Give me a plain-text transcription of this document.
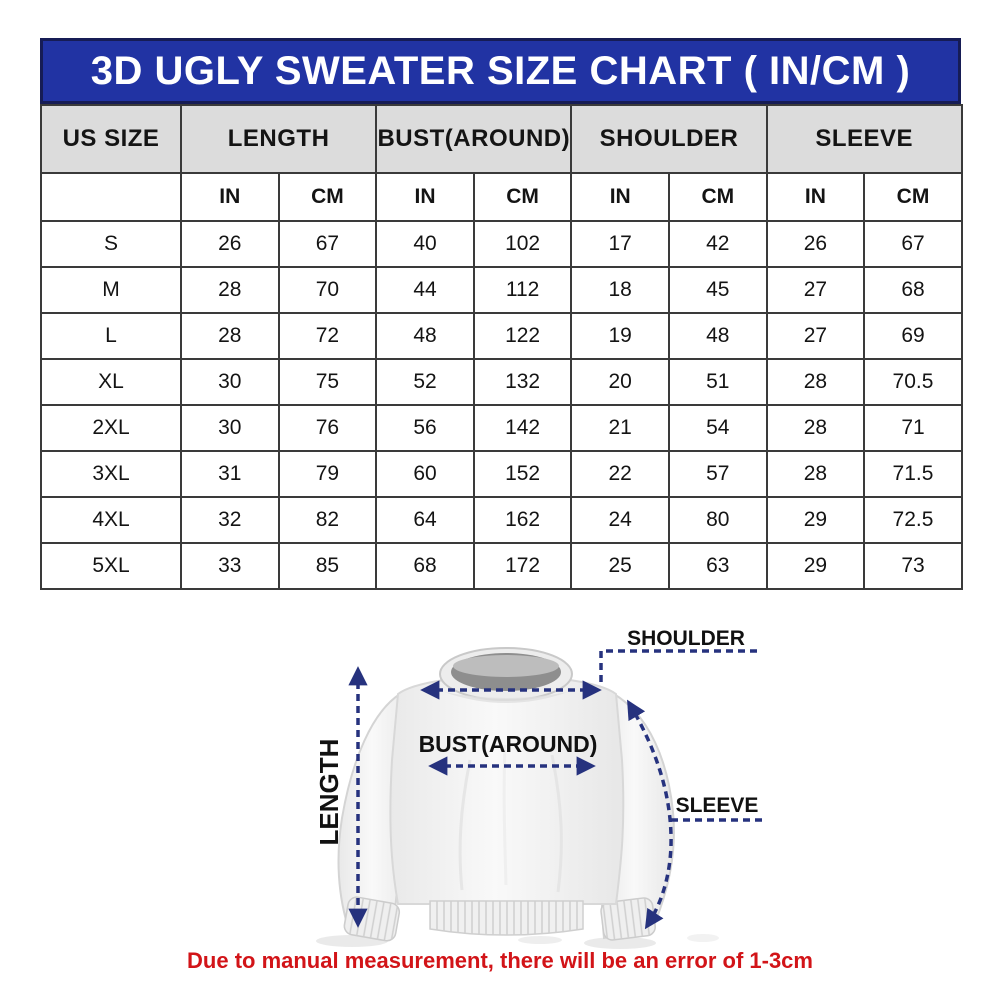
3D UGLY SWEATER SIZE CHART ( IN/CM )
US SIZE	LENGTH		BUST(AROUND)		SHOULDER		SLEEVE	
	IN	CM	IN	CM	IN	CM	IN	CM
S	26	67	40	102	17	42	26	67
M	28	70	44	112	18	45	27	68
L	28	72	48	122	19	48	27	69
XL	30	75	52	132	20	51	28	70.5
2XL	30	76	56	142	21	54	28	71
3XL	31	79	60	152	22	57	28	71.5
4XL	32	82	64	162	24	80	29	72.5
5XL	33	85	68	172	25	63	29	73
SHOULDER
LENGTH	BUST(AROUND)
SLEEVE
Due to manual measurement, there will be an error of 1-3cm
